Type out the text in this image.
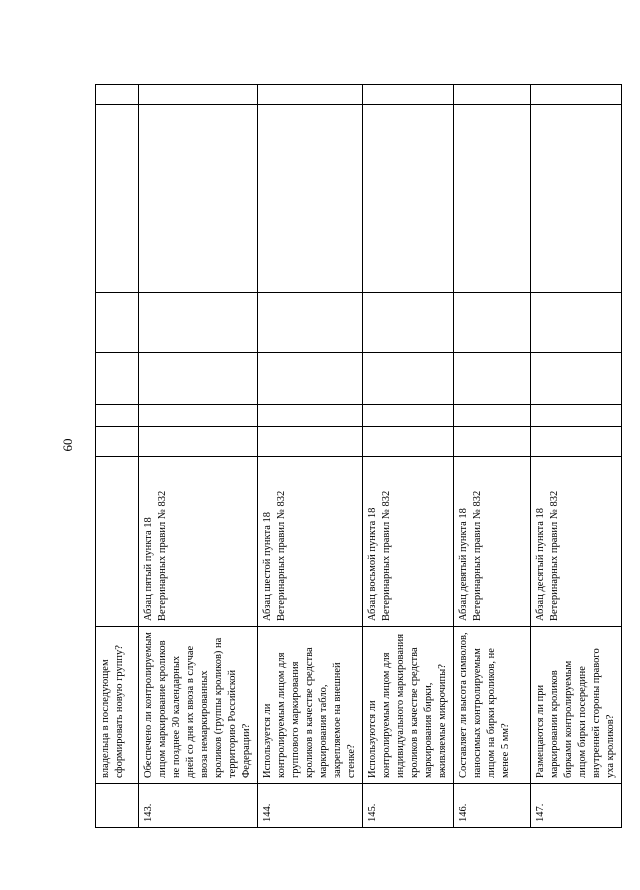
60
	владельца в последующем сформировать новую группу?							
143.	Обеспечено ли контролируемым лицом маркирование кроликов не позднее 30 календарных дней со дня их ввоза в случае ввоза немаркированных кроликов (группы кроликов) на территорию Российской Федерации?	Абзац пятый пункта 18 Ветеринарных правил № 832						
144.	Используется ли контролируемым лицом для группового маркирования кроликов в качестве средства маркирования табло, закрепляемое на внешней стенке?	Абзац шестой пункта 18 Ветеринарных правил № 832						
145.	Используются ли контролируемым лицом для индивидуального маркирования кроликов в качестве средства маркирования бирки, вживляемые микрочипы?	Абзац восьмой пункта 18 Ветеринарных правил № 832						
146.	Составляет ли высота символов, наносимых контролируемым лицом на бирки кроликов, не менее 5 мм?	Абзац девятый пункта 18 Ветеринарных правил № 832						
147.	Размещаются ли при маркировании кроликов бирками контролируемым лицом бирки посередине внутренней стороны правого уха кроликов?	Абзац десятый пункта 18 Ветеринарных правил № 832						
